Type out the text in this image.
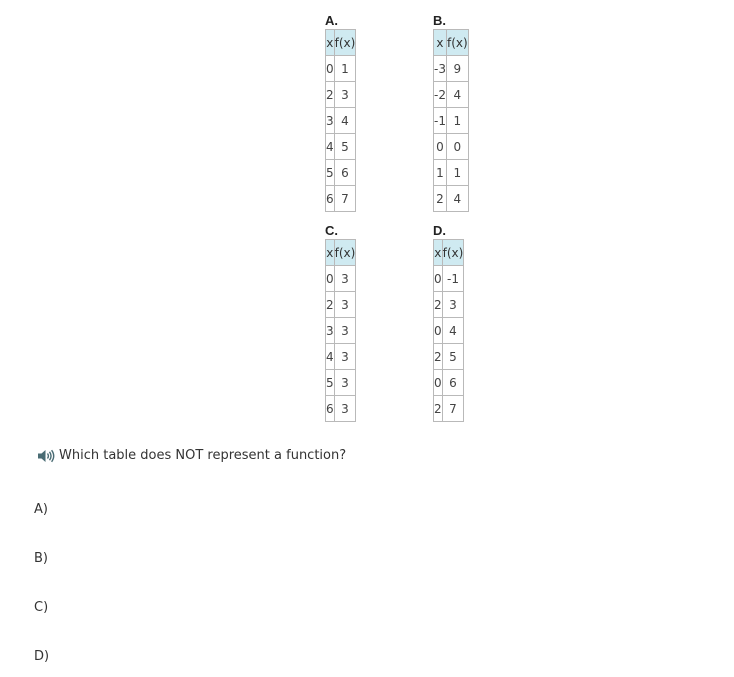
A.
x	f(x)
0	1
2	3
3	4
4	5
5	6
6	7
B.
x	f(x)
-3	9
-2	4
-1	1
0	0
1	1
2	4
C.
x	f(x)
0	3
2	3
3	3
4	3
5	3
6	3
D.
x	f(x)
0	-1
2	3
0	4
2	5
0	6
2	7
Which table does NOT represent a function?
A)
B)
C)
D)
